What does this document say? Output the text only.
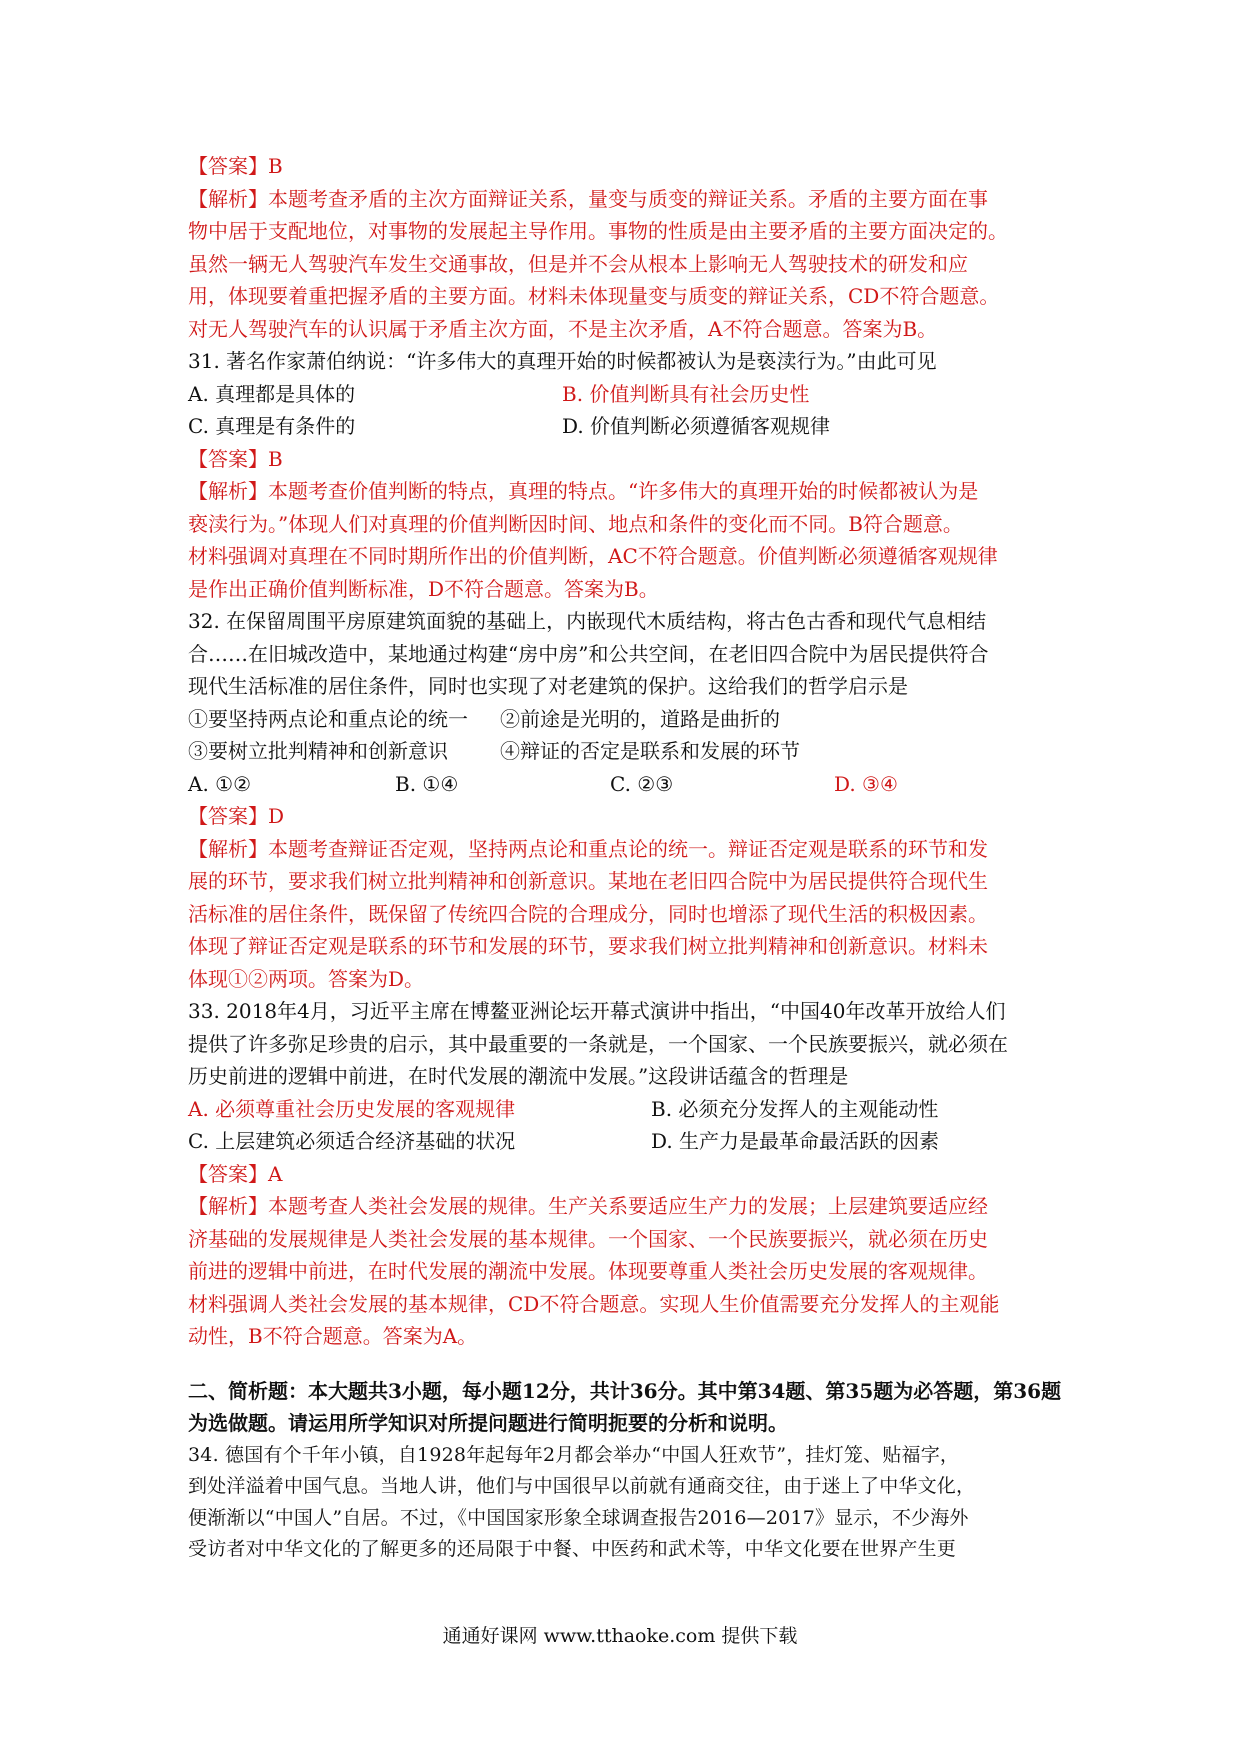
【答案】B
【解析】本题考查矛盾的主次方面辩证关系，量变与质变的辩证关系。矛盾的主要方面在事
物中居于支配地位，对事物的发展起主导作用。事物的性质是由主要矛盾的主要方面决定的。
虽然一辆无人驾驶汽车发生交通事故，但是并不会从根本上影响无人驾驶技术的研发和应
用，体现要着重把握矛盾的主要方面。材料未体现量变与质变的辩证关系，CD不符合题意。
对无人驾驶汽车的认识属于矛盾主次方面，不是主次矛盾，A不符合题意。答案为B。
31. 著名作家萧伯纳说：“许多伟大的真理开始的时候都被认为是亵渎行为。”由此可见
A. 真理都是具体的	B. 价值判断具有社会历史性
C. 真理是有条件的	D. 价值判断必须遵循客观规律
【答案】B
【解析】本题考查价值判断的特点，真理的特点。“许多伟大的真理开始的时候都被认为是
亵渎行为。”体现人们对真理的价值判断因时间、地点和条件的变化而不同。B符合题意。
材料强调对真理在不同时期所作出的价值判断，AC不符合题意。价值判断必须遵循客观规律
是作出正确价值判断标准，D不符合题意。答案为B。
32. 在保留周围平房原建筑面貌的基础上，内嵌现代木质结构，将古色古香和现代气息相结
合……在旧城改造中，某地通过构建“房中房”和公共空间，在老旧四合院中为居民提供符合
现代生活标准的居住条件，同时也实现了对老建筑的保护。这给我们的哲学启示是
①要坚持两点论和重点论的统一	②前途是光明的，道路是曲折的
③要树立批判精神和创新意识	④辩证的否定是联系和发展的环节
A. ①②	B. ①④	C. ②③	D. ③④
【答案】D
【解析】本题考查辩证否定观，坚持两点论和重点论的统一。辩证否定观是联系的环节和发
展的环节，要求我们树立批判精神和创新意识。某地在老旧四合院中为居民提供符合现代生
活标准的居住条件，既保留了传统四合院的合理成分，同时也增添了现代生活的积极因素。
体现了辩证否定观是联系的环节和发展的环节，要求我们树立批判精神和创新意识。材料未
体现①②两项。答案为D。
33. 2018年4月，习近平主席在博鳌亚洲论坛开幕式演讲中指出，“中国40年改革开放给人们
提供了许多弥足珍贵的启示，其中最重要的一条就是，一个国家、一个民族要振兴，就必须在
历史前进的逻辑中前进，在时代发展的潮流中发展。”这段讲话蕴含的哲理是
A. 必须尊重社会历史发展的客观规律	B. 必须充分发挥人的主观能动性
C. 上层建筑必须适合经济基础的状况	D. 生产力是最革命最活跃的因素
【答案】A
【解析】本题考查人类社会发展的规律。生产关系要适应生产力的发展；上层建筑要适应经
济基础的发展规律是人类社会发展的基本规律。一个国家、一个民族要振兴，就必须在历史
前进的逻辑中前进，在时代发展的潮流中发展。体现要尊重人类社会历史发展的客观规律。
材料强调人类社会发展的基本规律，CD不符合题意。实现人生价值需要充分发挥人的主观能
动性，B不符合题意。答案为A。
二、简析题：本大题共3小题，每小题12分，共计36分。其中第34题、第35题为必答题，第36题
为选做题。请运用所学知识对所提问题进行简明扼要的分析和说明。
34. 德国有个千年小镇，自1928年起每年2月都会举办“中国人狂欢节”，挂灯笼、贴福字，
到处洋溢着中国气息。当地人讲，他们与中国很早以前就有通商交往，由于迷上了中华文化，
便渐渐以“中国人”自居。不过，《中国国家形象全球调查报告2016—2017》显示，不少海外
受访者对中华文化的了解更多的还局限于中餐、中医药和武术等，中华文化要在世界产生更
通通好课网 www.tthaoke.com 提供下载
